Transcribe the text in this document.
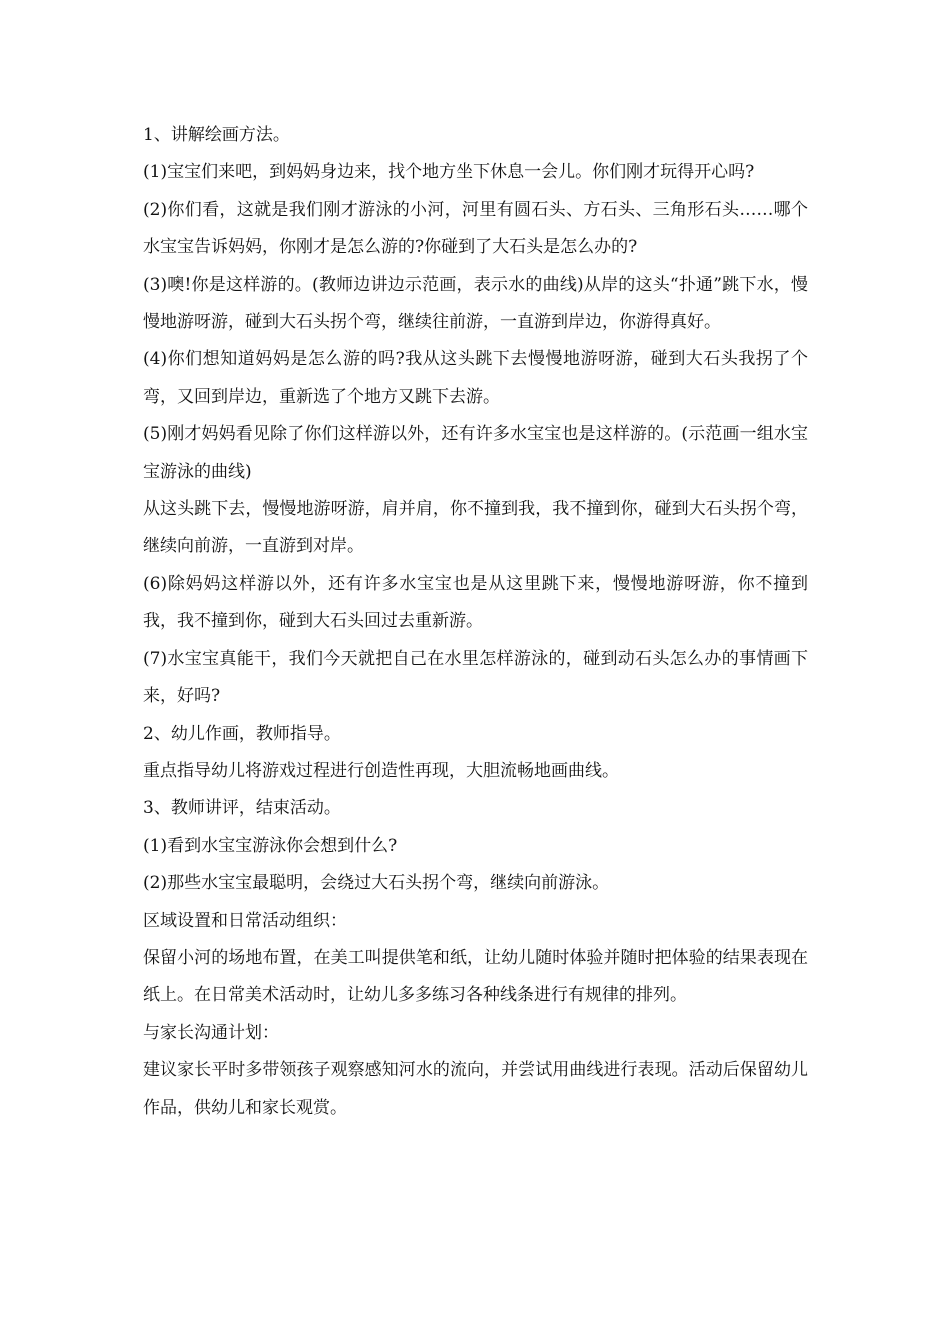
1、讲解绘画方法。

(1)宝宝们来吧，到妈妈身边来，找个地方坐下休息一会儿。你们刚才玩得开心吗?

(2)你们看，这就是我们刚才游泳的小河，河里有圆石头、方石头、三角形石头……哪个水宝宝告诉妈妈，你刚才是怎么游的?你碰到了大石头是怎么办的?

(3)噢!你是这样游的。(教师边讲边示范画，表示水的曲线)从岸的这头“扑通”跳下水，慢慢地游呀游，碰到大石头拐个弯，继续往前游，一直游到岸边，你游得真好。

(4)你们想知道妈妈是怎么游的吗?我从这头跳下去慢慢地游呀游，碰到大石头我拐了个弯，又回到岸边，重新选了个地方又跳下去游。

(5)刚才妈妈看见除了你们这样游以外，还有许多水宝宝也是这样游的。(示范画一组水宝宝游泳的曲线)

从这头跳下去，慢慢地游呀游，肩并肩，你不撞到我，我不撞到你，碰到大石头拐个弯，继续向前游，一直游到对岸。

(6)除妈妈这样游以外，还有许多水宝宝也是从这里跳下来，慢慢地游呀游，你不撞到我，我不撞到你，碰到大石头回过去重新游。

(7)水宝宝真能干，我们今天就把自己在水里怎样游泳的，碰到动石头怎么办的事情画下来，好吗?

2、幼儿作画，教师指导。

重点指导幼儿将游戏过程进行创造性再现，大胆流畅地画曲线。

3、教师讲评，结束活动。

(1)看到水宝宝游泳你会想到什么?

(2)那些水宝宝最聪明，会绕过大石头拐个弯，继续向前游泳。

区域设置和日常活动组织：

保留小河的场地布置，在美工叫提供笔和纸，让幼儿随时体验并随时把体验的结果表现在纸上。在日常美术活动时，让幼儿多多练习各种线条进行有规律的排列。

与家长沟通计划：

建议家长平时多带领孩子观察感知河水的流向，并尝试用曲线进行表现。活动后保留幼儿作品，供幼儿和家长观赏。
